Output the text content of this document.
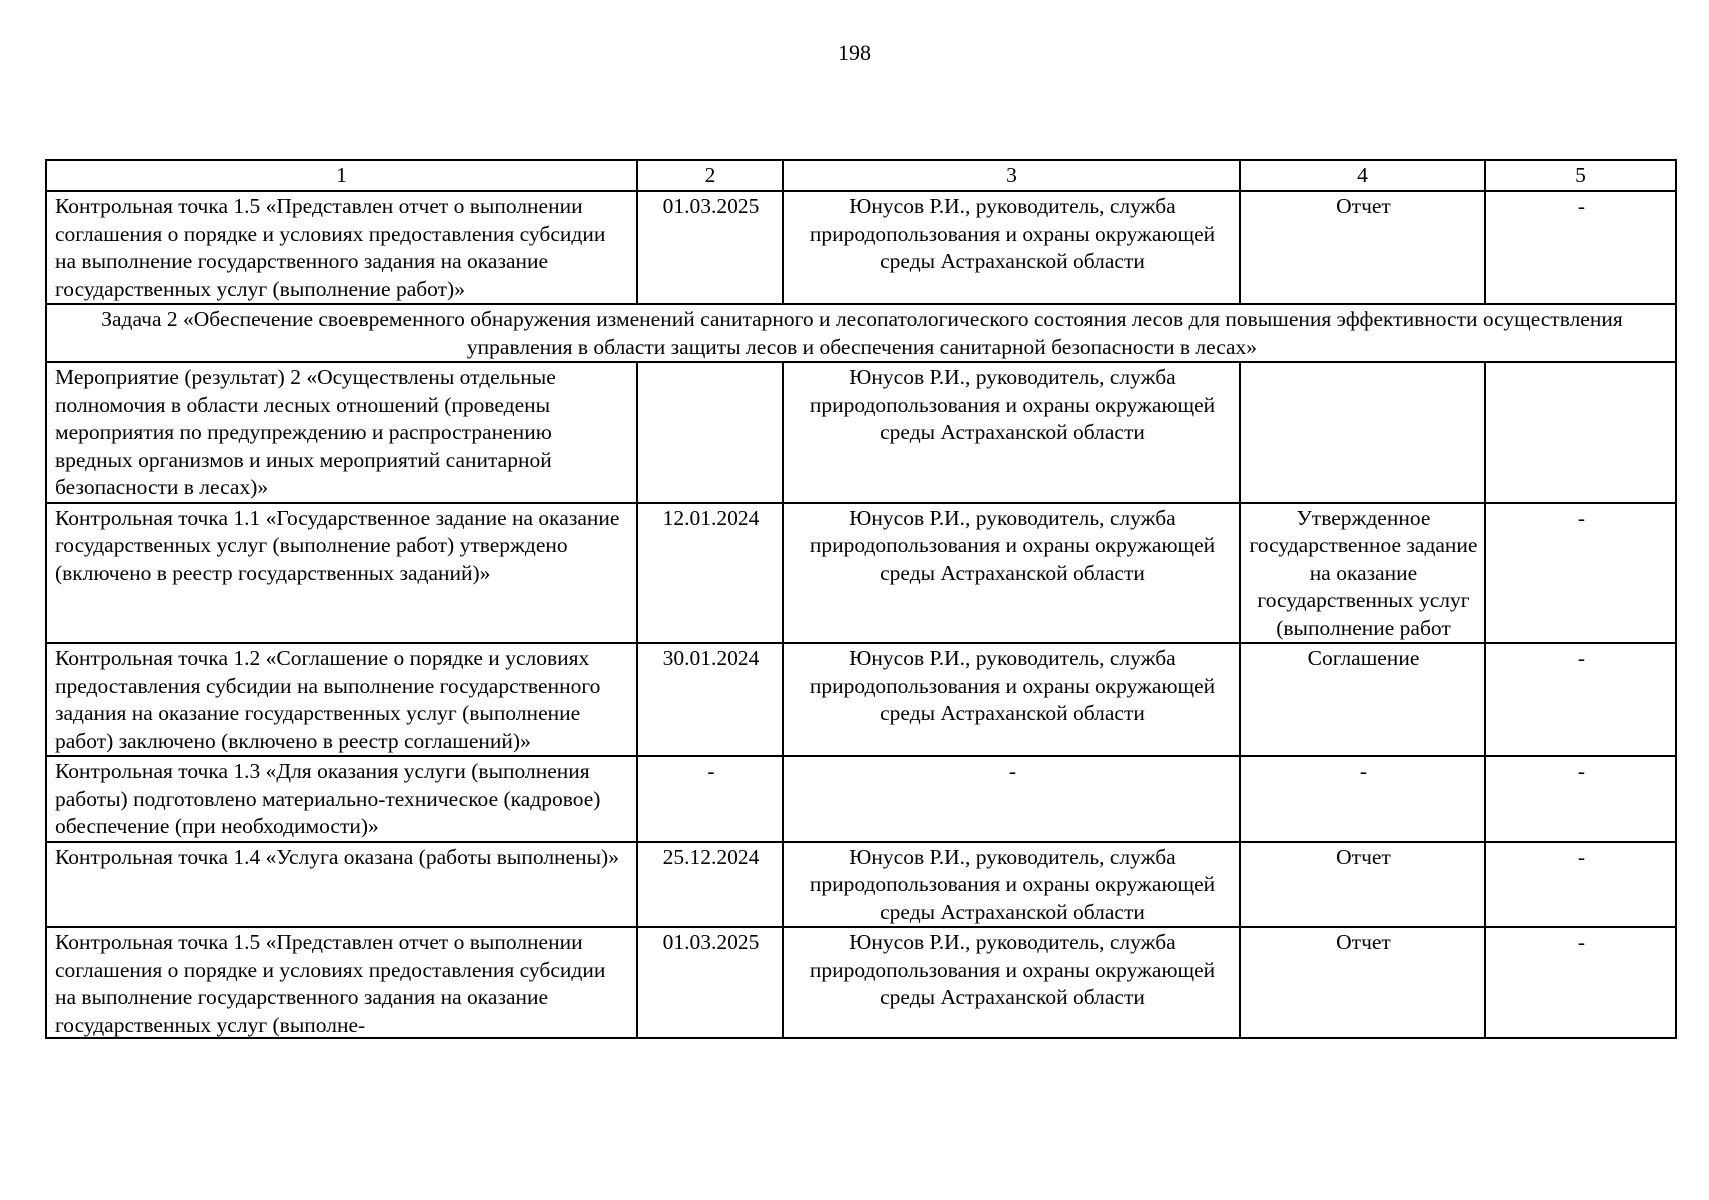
198
1	2	3	4	5
Контрольная точка 1.5 «Представлен отчет о выполнении соглашения о порядке и условиях предоставления субсидии на выполнение государственного задания на оказание государственных услуг (выполнение работ)»	01.03.2025	Юнусов Р.И., руководитель, служба природопользования и охраны окружающей среды Астраханской области	Отчет	-
Задача 2 «Обеспечение своевременного обнаружения изменений санитарного и лесопатологического состояния лесов для повышения эффективности осуществления управления в области защиты лесов и обеспечения санитарной безопасности в лесах»				
Мероприятие (результат) 2 «Осуществлены отдельные полномочия в области лесных отношений (проведены мероприятия по предупреждению и распространению вредных организмов и иных мероприятий санитарной безопасности в лесах)»		Юнусов Р.И., руководитель, служба природопользования и охраны окружающей среды Астраханской области		
Контрольная точка 1.1 «Государственное задание на оказание государственных услуг (выполнение работ) утверждено (включено в реестр государственных заданий)»	12.01.2024	Юнусов Р.И., руководитель, служба природопользования и охраны окружающей среды Астраханской области	Утвержденное государственное задание на оказание государственных услуг (выполнение работ	-
Контрольная точка 1.2 «Соглашение о порядке и условиях предоставления субсидии на выполнение государственного задания на оказание государственных услуг (выполнение работ) заключено (включено в реестр соглашений)»	30.01.2024	Юнусов Р.И., руководитель, служба природопользования и охраны окружающей среды Астраханской области	Соглашение	-
Контрольная точка 1.3 «Для оказания услуги (выполнения работы) подготовлено материально-техническое (кадровое) обеспечение (при необходимости)»	-	-	-	-
Контрольная точка 1.4 «Услуга оказана (работы выполнены)»	25.12.2024	Юнусов Р.И., руководитель, служба природопользования и охраны окружающей среды Астраханской области	Отчет	-

Контрольная точка 1.5 «Представлен отчет о выполнении соглашения о порядке и условиях предоставления субсидии на выполнение государственного задания на оказание государственных услуг (выполне-	01.03.2025	Юнусов Р.И., руководитель, служба природопользования и охраны окружающей среды Астраханской области	Отчет	-
